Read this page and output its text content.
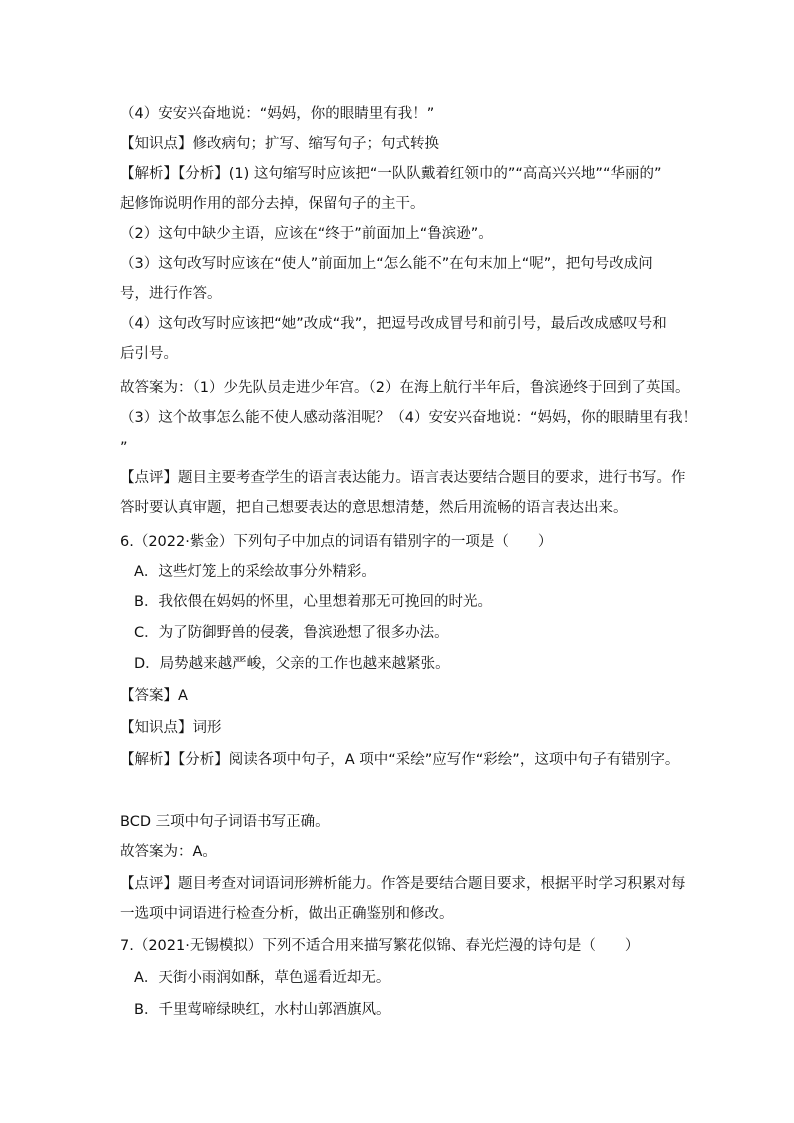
（4）安安兴奋地说：“妈妈，你的眼睛里有我！”
【知识点】修改病句；扩写、缩写句子；句式转换
【解析】【分析】(1) 这句缩写时应该把“一队队戴着红领巾的”“高高兴兴地”“华丽的”
起修饰说明作用的部分去掉，保留句子的主干。
（2）这句中缺少主语，应该在“终于”前面加上“鲁滨逊”。
（3）这句改写时应该在“使人”前面加上“怎么能不”在句末加上“呢”，把句号改成问
号，进行作答。
（4）这句改写时应该把“她”改成“我”，把逗号改成冒号和前引号，最后改成感叹号和
后引号。
故答案为：（1）少先队员走进少年宫。（2）在海上航行半年后，鲁滨逊终于回到了英国。
（3）这个故事怎么能不使人感动落泪呢？（4）安安兴奋地说：“妈妈，你的眼睛里有我！
”
【点评】题目主要考查学生的语言表达能力。语言表达要结合题目的要求，进行书写。作
答时要认真审题，把自己想要表达的意思想清楚，然后用流畅的语言表达出来。
6.（2022·紫金）下列句子中加点的词语有错别字的一项是（　　）
A．这些灯笼上的采绘故事分外精彩。
B．我依偎在妈妈的怀里，心里想着那无可挽回的时光。
C．为了防御野兽的侵袭，鲁滨逊想了很多办法。
D．局势越来越严峻，父亲的工作也越来越紧张。
【答案】A
【知识点】词形
【解析】【分析】阅读各项中句子，A 项中“采绘”应写作“彩绘”，这项中句子有错别字。
BCD 三项中句子词语书写正确。
故答案为：A。
【点评】题目考查对词语词形辨析能力。作答是要结合题目要求，根据平时学习积累对每
一选项中词语进行检查分析，做出正确鉴别和修改。
7.（2021·无锡模拟）下列不适合用来描写繁花似锦、春光烂漫的诗句是（　　）
A．天街小雨润如酥，草色遥看近却无。
B．千里莺啼绿映红，水村山郭酒旗风。
